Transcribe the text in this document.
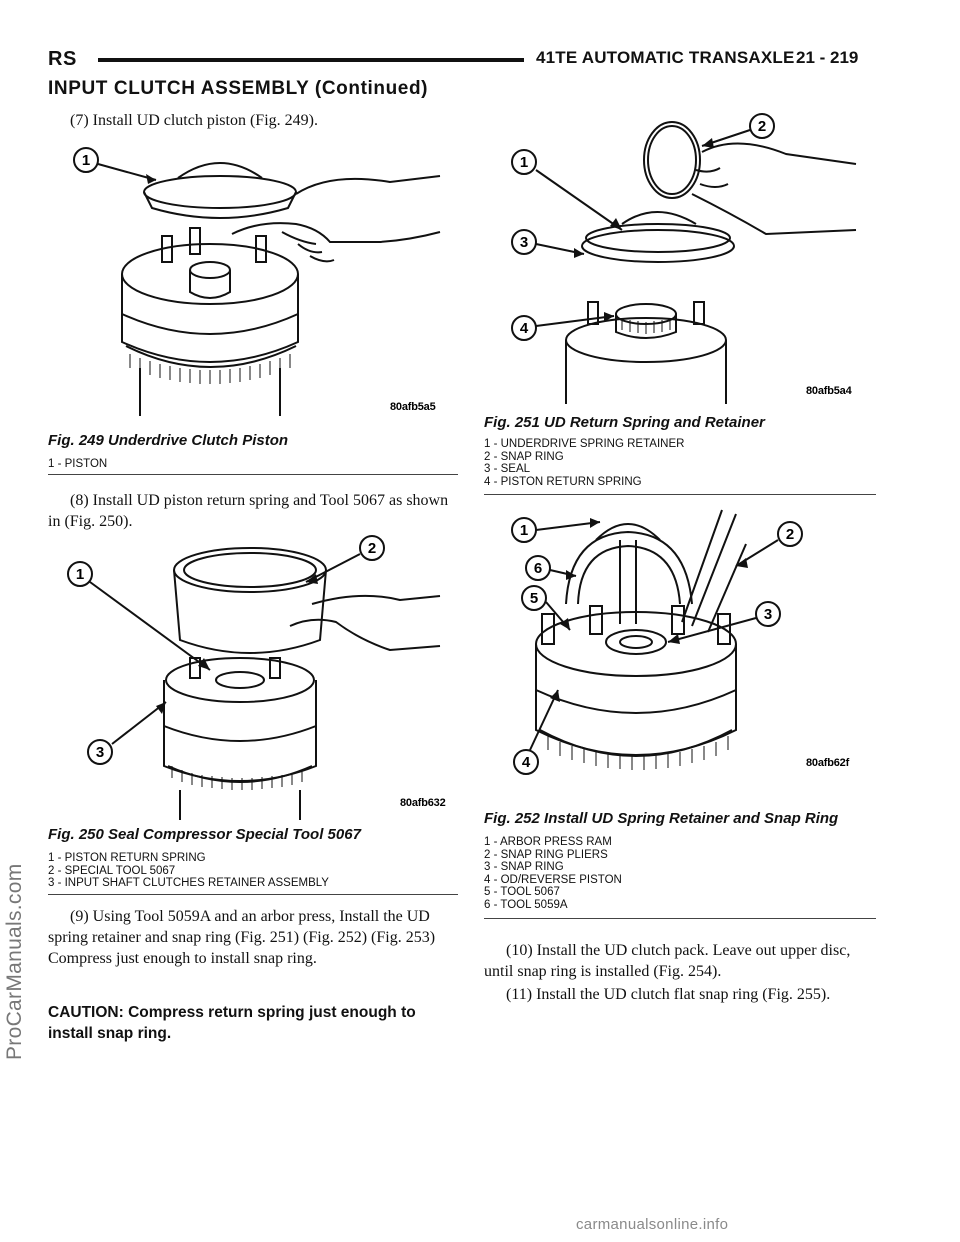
RS	41TE AUTOMATIC TRANSAXLE 21 - 219
INPUT CLUTCH ASSEMBLY (Continued)

(7) Install UD clutch piston (Fig. 249).

1
80afb5a5
Fig. 249 Underdrive Clutch Piston
1 - PISTON

(8) Install UD piston return spring and Tool 5067 as shown in (Fig. 250).

1
2
3
80afb632
Fig. 250 Seal Compressor Special Tool 5067
1 - PISTON RETURN SPRING
2 - SPECIAL TOOL 5067
3 - INPUT SHAFT CLUTCHES RETAINER ASSEMBLY

(9) Using Tool 5059A and an arbor press, Install the UD spring retainer and snap ring (Fig. 251) (Fig. 252) (Fig. 253) Compress just enough to install snap ring.

CAUTION: Compress return spring just enough to install snap ring.
2
1
3
4
80afb5a4
Fig. 251 UD Return Spring and Retainer
1 - UNDERDRIVE SPRING RETAINER
2 - SNAP RING
3 - SEAL
4 - PISTON RETURN SPRING
1	2
6
5
3
4	80afb62f
Fig. 252 Install UD Spring Retainer and Snap Ring
1 - ARBOR PRESS RAM
2 - SNAP RING PLIERS
3 - SNAP RING
4 - OD/REVERSE PISTON
5 - TOOL 5067
6 - TOOL 5059A

(10) Install the UD clutch pack. Leave out upper disc, until snap ring is installed (Fig. 254).

(11) Install the UD clutch flat snap ring (Fig. 255).

ProCarManuals.com
carmanualsonline.info
